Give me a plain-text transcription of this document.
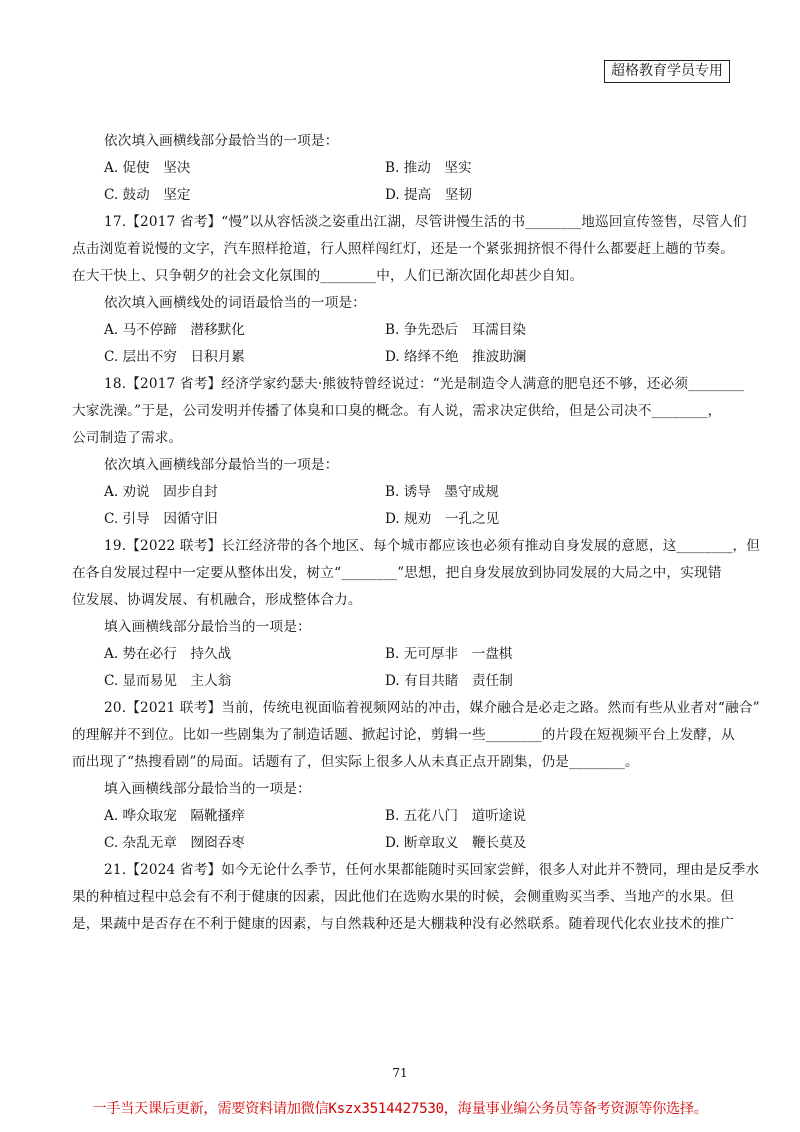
超格教育学员专用
依次填入画横线部分最恰当的一项是：
A. 促使　坚决	B. 推动　坚实
C. 鼓动　坚定	D. 提高　坚韧
17.【2017 省考】“慢”以从容恬淡之姿重出江湖，尽管讲慢生活的书________地巡回宣传签售，尽管人们
点击浏览着说慢的文字，汽车照样抢道，行人照样闯红灯，还是一个紧张拥挤恨不得什么都要赶上趟的节奏。
在大干快上、只争朝夕的社会文化氛围的________中，人们已渐次固化却甚少自知。
依次填入画横线处的词语最恰当的一项是：
A. 马不停蹄　潜移默化	B. 争先恐后　耳濡目染
C. 层出不穷　日积月累	D. 络绎不绝　推波助澜
18.【2017 省考】经济学家约瑟夫·熊彼特曾经说过：“光是制造令人满意的肥皂还不够，还必须________
大家洗澡。”于是，公司发明并传播了体臭和口臭的概念。有人说，需求决定供给，但是公司决不________，
公司制造了需求。
依次填入画横线部分最恰当的一项是：
A. 劝说　固步自封	B. 诱导　墨守成规
C. 引导　因循守旧	D. 规劝　一孔之见
19.【2022 联考】长江经济带的各个地区、每个城市都应该也必须有推动自身发展的意愿，这________，但
在各自发展过程中一定要从整体出发，树立“________”思想，把自身发展放到协同发展的大局之中，实现错
位发展、协调发展、有机融合，形成整体合力。
填入画横线部分最恰当的一项是：
A. 势在必行　持久战	B. 无可厚非　一盘棋
C. 显而易见　主人翁	D. 有目共睹　责任制
20.【2021 联考】当前，传统电视面临着视频网站的冲击，媒介融合是必走之路。然而有些从业者对“融合”
的理解并不到位。比如一些剧集为了制造话题、掀起讨论，剪辑一些________的片段在短视频平台上发酵，从
而出现了“热搜看剧”的局面。话题有了，但实际上很多人从未真正点开剧集，仍是________。
填入画横线部分最恰当的一项是：
A. 哗众取宠　隔靴搔痒	B. 五花八门　道听途说
C. 杂乱无章　囫囵吞枣	D. 断章取义　鞭长莫及
21.【2024 省考】如今无论什么季节，任何水果都能随时买回家尝鲜，很多人对此并不赞同，理由是反季水
果的种植过程中总会有不利于健康的因素，因此他们在选购水果的时候，会侧重购买当季、当地产的水果。但
是，果蔬中是否存在不利于健康的因素，与自然栽种还是大棚栽种没有必然联系。随着现代化农业技术的推广
71
一手当天课后更新，需要资料请加微信Kszx3514427530，海量事业编公务员等备考资源等你选择。
